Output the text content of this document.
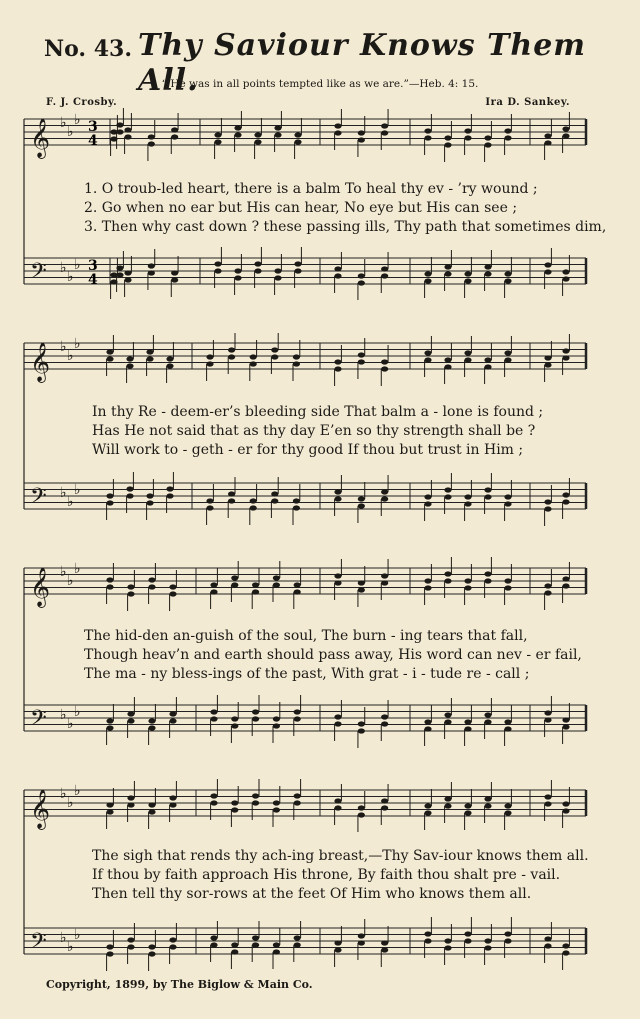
No. 43. Thy Saviour Knows Them All.
“ He was in all points tempted like as we are.”—Heb. 4: 15.
F. J. Crosby.	Ira D. Sankey.
𝄞 ♭
♭
♭ 3
4
𝄢 ♭
♭
♭ 3
4
𝄞 ♭
♭
♭
𝄢 ♭
♭
♭
𝄞 ♭
♭
♭
𝄢 ♭
♭
♭
𝄞 ♭
♭
♭
𝄢 ♭
♭
♭
1. O troub-led heart, there is a balm To heal thy ev - ’ry wound ;
2. Go when no ear but His can hear, No eye but His can see ;
3. Then why cast down ? these passing ills, Thy path that sometimes dim,
In thy Re - deem-er’s bleeding side That balm a - lone is found ;
Has He not said that as thy day E’en so thy strength shall be ?
Will work to - geth - er for thy good If thou but trust in Him ;
The hid-den an-guish of the soul, The burn - ing tears that fall,
Though heav’n and earth should pass away, His word can nev - er fail,
The ma - ny bless-ings of the past, With grat - i - tude re - call ;
The sigh that rends thy ach-ing breast,—Thy Sav-iour knows them all.
If thou by faith approach His throne, By faith thou shalt pre - vail.
Then tell thy sor-rows at the feet Of Him who knows them all.
Copyright, 1899, by The Biglow & Main Co.
